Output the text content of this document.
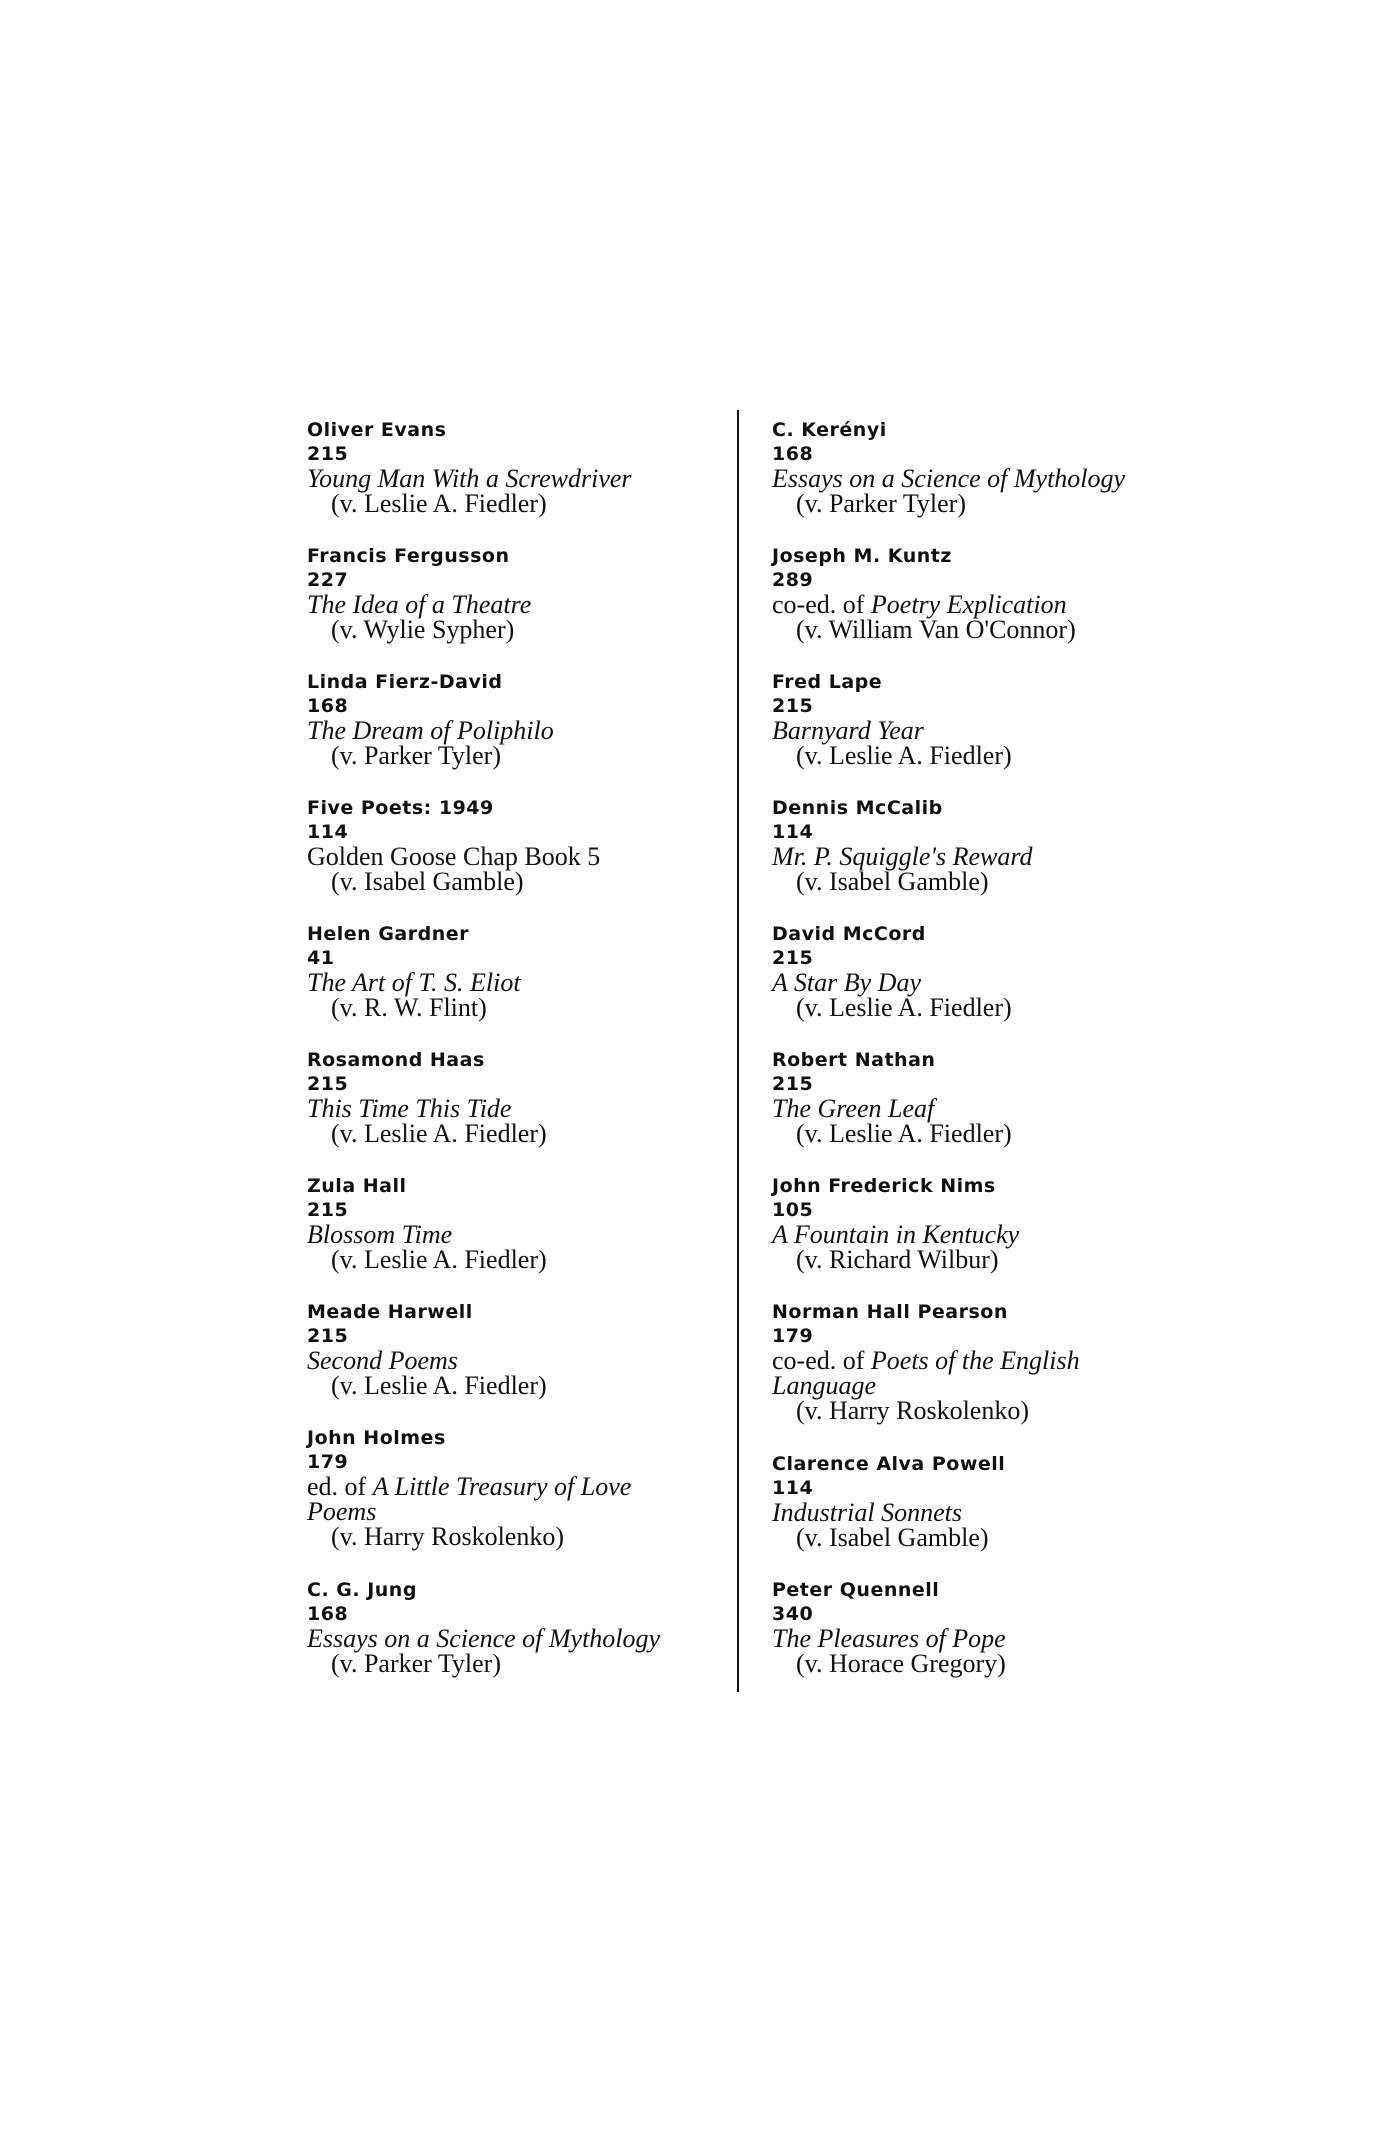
Oliver Evans
215
Young Man With a Screwdriver
(v. Leslie A. Fiedler)
Francis Fergusson
227
The Idea of a Theatre
(v. Wylie Sypher)
Linda Fierz-David
168
The Dream of Poliphilo
(v. Parker Tyler)
Five Poets: 1949
114
Golden Goose Chap Book 5
(v. Isabel Gamble)
Helen Gardner
41
The Art of T. S. Eliot
(v. R. W. Flint)
Rosamond Haas
215
This Time This Tide
(v. Leslie A. Fiedler)
Zula Hall
215
Blossom Time
(v. Leslie A. Fiedler)
Meade Harwell
215
Second Poems
(v. Leslie A. Fiedler)
John Holmes
179
ed. of A Little Treasury of Love Poems
(v. Harry Roskolenko)
C. G. Jung
168
Essays on a Science of Mythology
(v. Parker Tyler)
C. Kerényi
168
Essays on a Science of Mythology
(v. Parker Tyler)
Joseph M. Kuntz
289
co-ed. of Poetry Explication
(v. William Van O'Connor)
Fred Lape
215
Barnyard Year
(v. Leslie A. Fiedler)
Dennis McCalib
114
Mr. P. Squiggle's Reward
(v. Isabel Gamble)
David McCord
215
A Star By Day
(v. Leslie A. Fiedler)
Robert Nathan
215
The Green Leaf
(v. Leslie A. Fiedler)
John Frederick Nims
105
A Fountain in Kentucky
(v. Richard Wilbur)
Norman Hall Pearson
179
co-ed. of Poets of the English Language
(v. Harry Roskolenko)
Clarence Alva Powell
114
Industrial Sonnets
(v. Isabel Gamble)
Peter Quennell
340
The Pleasures of Pope
(v. Horace Gregory)
